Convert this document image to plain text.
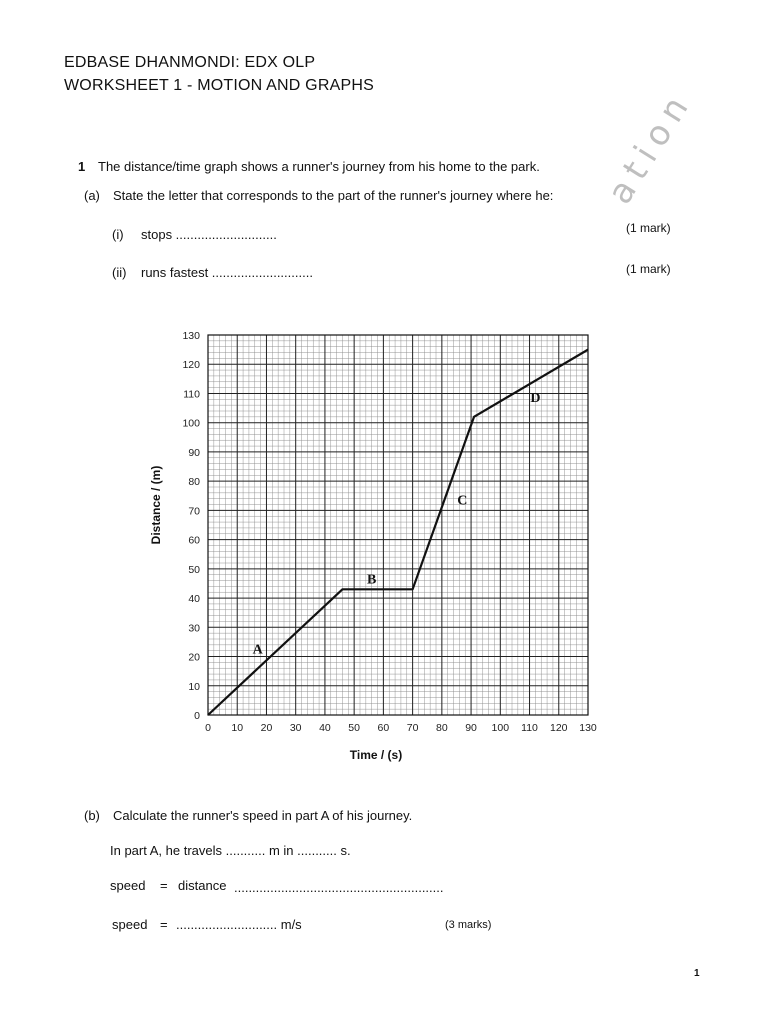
ation
EDBASE DHANMONDI: EDX OLP
WORKSHEET 1 - MOTION AND GRAPHS
1 The distance/time graph shows a runner's journey from his home to the park.
(a) State the letter that corresponds to the part of the runner's journey where he:
(i) stops ............................	(1 mark)
(ii) runs fastest ............................	(1 mark)
0
10
20
30
40
50
60
70
80
90
100
110
120
130
0 10 20 30 40 50 60 70 80 90 100 110 120 130
Time / (s)
Distance / (m)
A
B
C
D
(b) Calculate the runner's speed in part A of his journey.
In part A, he travels ........... m in ........... s.
speed = distance ..........................................................
speed = ............................ m/s	(3 marks)
1
